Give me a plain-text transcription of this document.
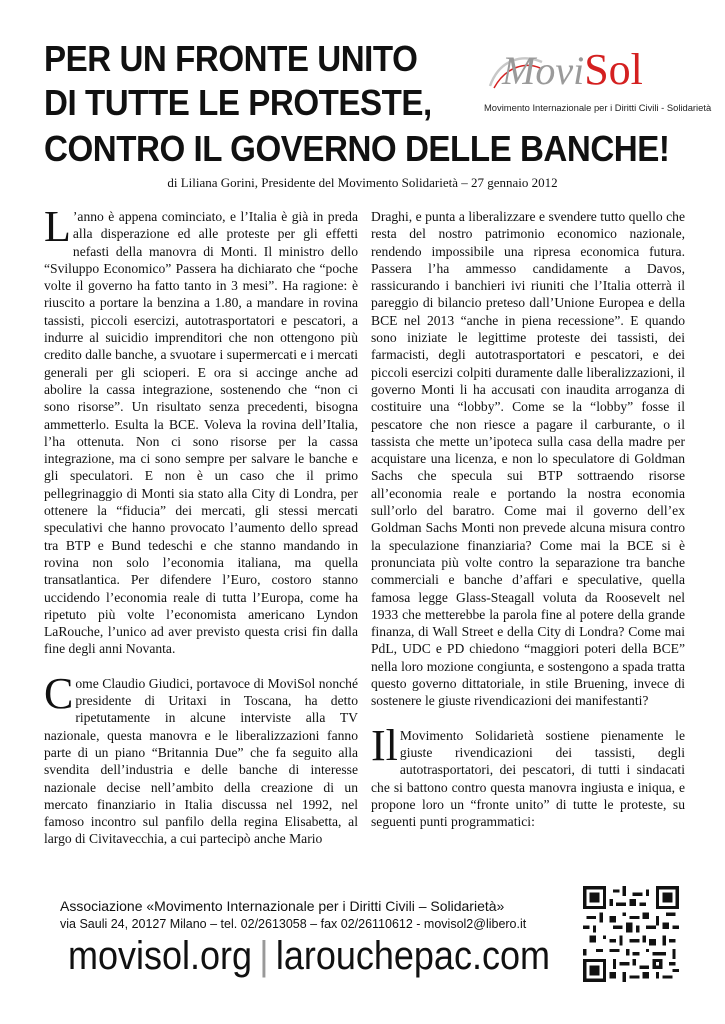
PER UN FRONTE UNITO
DI TUTTE LE PROTESTE,
CONTRO IL GOVERNO DELLE BANCHE!
MoviSol
Movimento Internazionale per i Diritti Civili - Solidarietà
di Liliana Gorini, Presidente del Movimento Solidarietà – 27 gennaio 2012

L ’anno è appena cominciato, e l’Italia è già in preda alla disperazione ed alle proteste per gli effetti nefasti della manovra di Monti. Il ministro dello “Sviluppo Economico” Passera ha dichiarato che “poche volte il governo ha fatto tanto in 3 mesi”. Ha ragione: è riuscito a portare la benzina a 1.80, a mandare in rovina tassisti, piccoli esercizi, autotrasportatori e pescatori, a indurre al suicidio imprenditori che non ottengono più credito dalle banche, a svuotare i supermercati e i mercati generali per gli scioperi. E ora si accinge anche ad abolire la cassa integrazione, sostenendo che “non ci sono risorse”. Un risultato senza precedenti, bisogna ammetterlo. Esulta la BCE. Voleva la rovina dell’Italia, l’ha ottenuta. Non ci sono risorse per la cassa integrazione, ma ci sono sempre per salvare le banche e gli speculatori. E non è un caso che il primo pellegrinaggio di Monti sia stato alla City di Londra, per ottenere la “fiducia” dei mercati, gli stessi mercati speculativi che hanno provocato l’aumento dello spread tra BTP e Bund tedeschi e che stanno mandando in rovina non solo l’economia italiana, ma quella transatlantica. Per difendere l’Euro, costoro stanno uccidendo l’economia reale di tutta l’Europa, come ha ripetuto più volte l’economista americano Lyndon LaRouche, l’unico ad aver previsto questa crisi fin dalla fine degli anni Novanta.

Come Claudio Giudici, portavoce di MoviSol nonché presidente di Uritaxi in Toscana, ha detto ripetutamente in alcune interviste alla TV nazionale, questa manovra e le liberalizzazioni fanno parte di un piano “Britannia Due” che fa seguito alla svendita dell’industria e delle banche di interesse nazionale decise nell’ambito della creazione di un mercato finanziario in Italia discussa nel 1992, nel famoso incontro sul panfilo della regina Elisabetta, al largo di Civitavecchia, a cui partecipò anche Mario

Draghi, e punta a liberalizzare e svendere tutto quello che resta del nostro patrimonio economico nazionale, rendendo impossibile una ripresa economica futura. Passera l’ha ammesso candidamente a Davos, rassicurando i banchieri ivi riuniti che l’Italia otterrà il pareggio di bilancio preteso dall’Unione Europea e della BCE nel 2013 “anche in piena recessione”. E quando sono iniziate le legittime proteste dei tassisti, dei farmacisti, degli autotrasportatori e pescatori, e dei piccoli esercizi colpiti duramente dalle liberalizzazioni, il governo Monti li ha accusati con inaudita arroganza di costituire una “lobby”. Come se la “lobby” fosse il pescatore che non riesce a pagare il carburante, o il tassista che mette un’ipoteca sulla casa della madre per acquistare una licenza, e non lo speculatore di Goldman Sachs che specula sui BTP sottraendo risorse all’economia reale e portando la nostra economia sull’orlo del baratro. Come mai il governo dell’ex Goldman Sachs Monti non prevede alcuna misura contro la speculazione finanziaria? Come mai la BCE si è pronunciata più volte contro la separazione tra banche commerciali e banche d’affari e speculative, quella famosa legge Glass-Steagall voluta da Roosevelt nel 1933 che metterebbe la parola fine al potere della grande finanza, di Wall Street e della City di Londra? Come mai PdL, UDC e PD chiedono “maggiori poteri della BCE” nella loro mozione congiunta, e sostengono a spada tratta questo governo dittatoriale, in stile Bruening, invece di sostenere le giuste rivendicazioni dei manifestanti?

Il Movimento Solidarietà sostiene pienamente le giuste rivendicazioni dei tassisti, degli autotrasportatori, dei pescatori, di tutti i sindacati che si battono contro questa manovra ingiusta e iniqua, e propone loro un “fronte unito” di tutte le proteste, su seguenti punti programmatici:

Associazione «Movimento Internazionale per i Diritti Civili – Solidarietà»
via Sauli 24, 20127 Milano – tel. 02/2613058 – fax 02/26110612 - movisol2@libero.it
movisol.org | larouchepac.com
